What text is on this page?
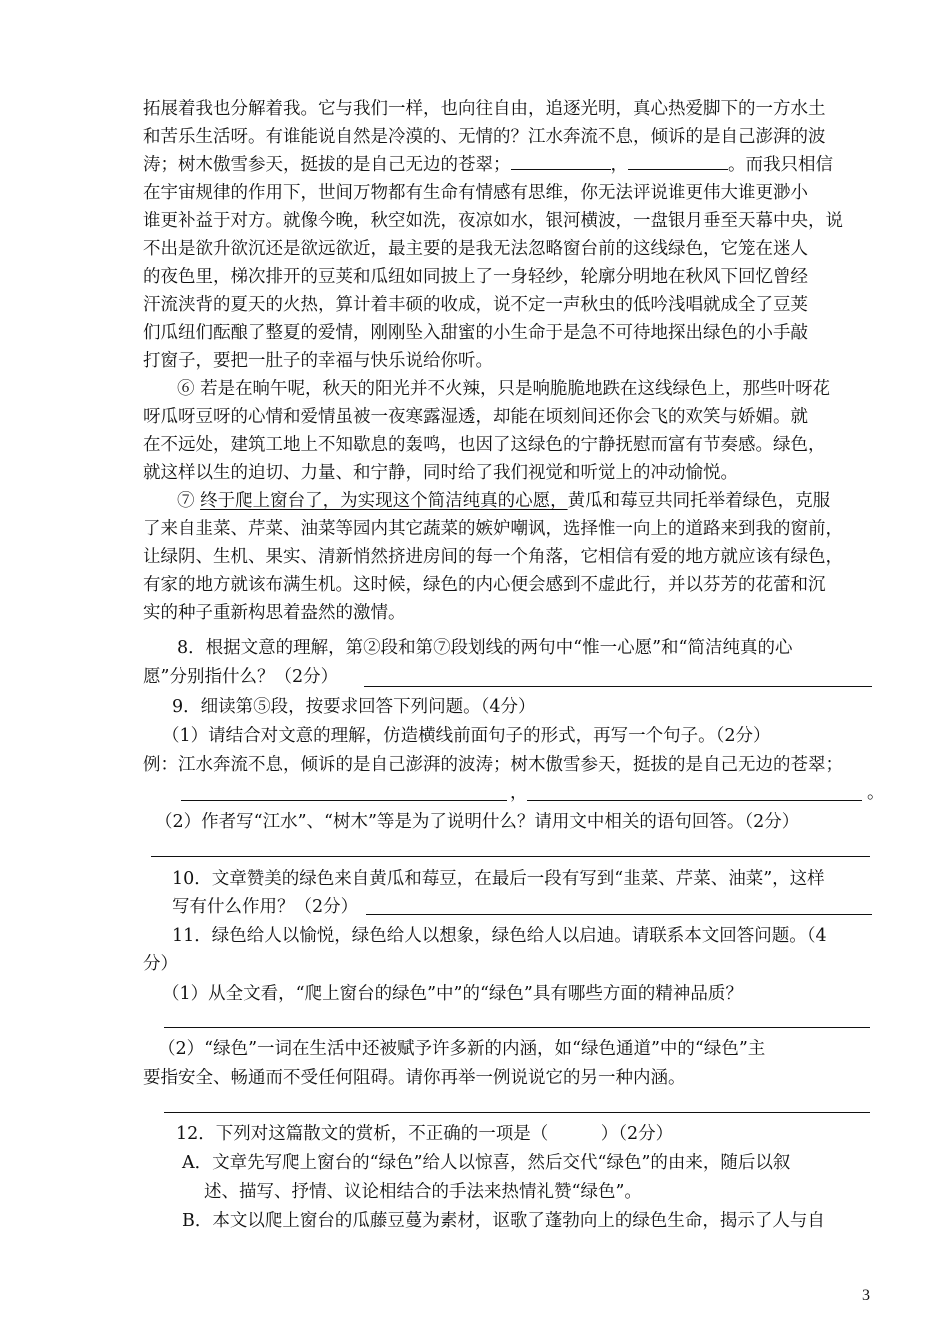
拓展着我也分解着我。它与我们一样，也向往自由，追逐光明，真心热爱脚下的一方水土
和苦乐生活呀。有谁能说自然是冷漠的、无情的？江水奔流不息，倾诉的是自己澎湃的波
涛；树木傲雪参天，挺拔的是自己无边的苍翠；	，	。而我只相信
在宇宙规律的作用下，世间万物都有生命有情感有思维，你无法评说谁更伟大谁更渺小
谁更补益于对方。就像今晚，秋空如洗，夜凉如水，银河横波，一盘银月垂至天幕中央，说
不出是欲升欲沉还是欲远欲近，最主要的是我无法忽略窗台前的这线绿色，它笼在迷人
的夜色里，梯次排开的豆荚和瓜纽如同披上了一身轻纱，轮廓分明地在秋风下回忆曾经
汗流浃背的夏天的火热，算计着丰硕的收成，说不定一声秋虫的低吟浅唱就成全了豆荚
们瓜纽们酝酿了整夏的爱情，刚刚坠入甜蜜的小生命于是急不可待地探出绿色的小手敲
打窗子，要把一肚子的幸福与快乐说给你听。
⑥ 若是在晌午呢，秋天的阳光并不火辣，只是响脆脆地跌在这线绿色上，那些叶呀花
呀瓜呀豆呀的心情和爱情虽被一夜寒露湿透，却能在顷刻间还你会飞的欢笑与娇媚。就
在不远处，建筑工地上不知歇息的轰鸣，也因了这绿色的宁静抚慰而富有节奏感。绿色，
就这样以生的迫切、力量、和宁静，同时给了我们视觉和听觉上的冲动愉悦。
⑦ 终于爬上窗台了，为实现这个简洁纯真的心愿，黄瓜和莓豆共同托举着绿色，克服
了来自韭菜、芹菜、油菜等园内其它蔬菜的嫉妒嘲讽，选择惟一向上的道路来到我的窗前，
让绿阴、生机、果实、清新悄然挤进房间的每一个角落，它相信有爱的地方就应该有绿色，
有家的地方就该布满生机。这时候，绿色的内心便会感到不虚此行，并以芬芳的花蕾和沉
实的种子重新构思着盎然的激情。
8．根据文意的理解，第②段和第⑦段划线的两句中“惟一心愿”和“简洁纯真的心
愿”分别指什么？（2分）
9．细读第⑤段，按要求回答下列问题。（4分）
（1）请结合对文意的理解，仿造横线前面句子的形式，再写一个句子。（2分）
例：江水奔流不息，倾诉的是自己澎湃的波涛；树木傲雪参天，挺拔的是自己无边的苍翠；
，	。
（2）作者写“江水”、“树木”等是为了说明什么？请用文中相关的语句回答。（2分）
10．文章赞美的绿色来自黄瓜和莓豆，在最后一段有写到“韭菜、芹菜、油菜”，这样
写有什么作用？（2分）
11．绿色给人以愉悦，绿色给人以想象，绿色给人以启迪。请联系本文回答问题。（4
分）
（1）从全文看，“爬上窗台的绿色”中”的“绿色”具有哪些方面的精神品质？
（2）“绿色”一词在生活中还被赋予许多新的内涵，如“绿色通道”中的“绿色”主
要指安全、畅通而不受任何阻碍。请你再举一例说说它的另一种内涵。
12．下列对这篇散文的赏析，不正确的一项是（　　　）（2分）
A．文章先写爬上窗台的“绿色”给人以惊喜，然后交代“绿色”的由来，随后以叙
述、描写、抒情、议论相结合的手法来热情礼赞“绿色”。
B．本文以爬上窗台的瓜藤豆蔓为素材，讴歌了蓬勃向上的绿色生命，揭示了人与自
3
